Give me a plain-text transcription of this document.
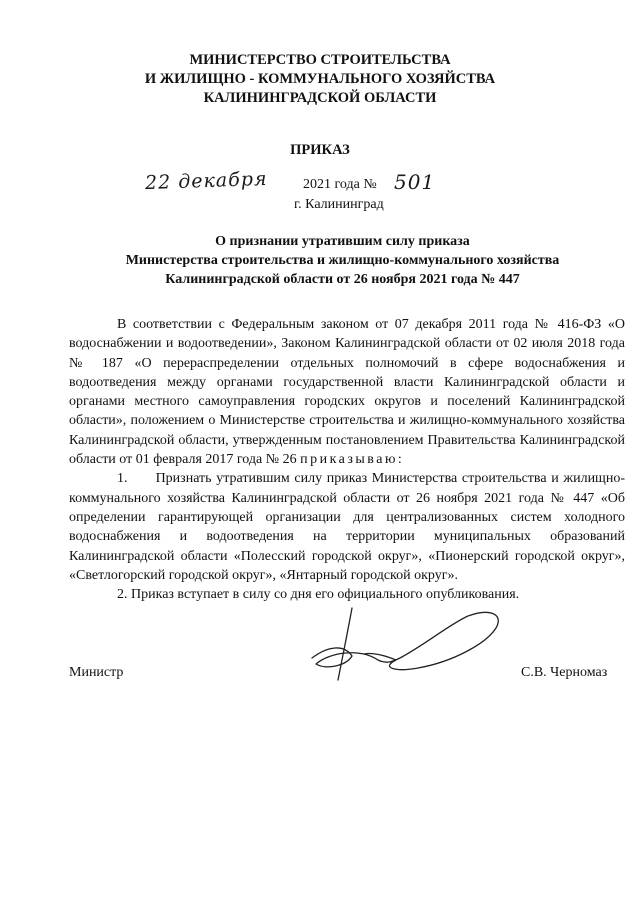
МИНИСТЕРСТВО СТРОИТЕЛЬСТВА
И ЖИЛИЩНО - КОММУНАЛЬНОГО ХОЗЯЙСТВА
КАЛИНИНГРАДСКОЙ ОБЛАСТИ
ПРИКАЗ
22 декабря	2021 года № 501
г. Калининград
О признании утратившим силу приказа
Министерства строительства и жилищно-коммунального хозяйства
Калининградской области от 26 ноября 2021 года № 447

В соответствии с Федеральным законом от 07 декабря 2011 года № 416-ФЗ «О водоснабжении и водоотведении», Законом Калининградской области от 02 июля 2018 года № 187 «О перераспределении отдельных полномочий в сфере водоснабжения и водоотведения между органами государственной власти Калининградской области и органами местного самоуправления городских округов и поселений Калининградской области», положением о Министерстве строительства и жилищно-коммунального хозяйства Калининградской области, утвержденным постановлением Правительства Калининградской области от 01 февраля 2017 года № 26 приказываю:

1.      Признать утратившим силу приказ Министерства строительства и жилищно-коммунального хозяйства Калининградской области от 26 ноября 2021 года № 447 «Об определении гарантирующей организации для централизованных систем холодного водоснабжения и водоотведения на территории муниципальных образований Калининградской области «Полесский городской округ», «Пионерский городской округ», «Светлогорский городской округ», «Янтарный городской округ».

2. Приказ вступает в силу со дня его официального опубликования.

Министр	С.В. Черномаз
